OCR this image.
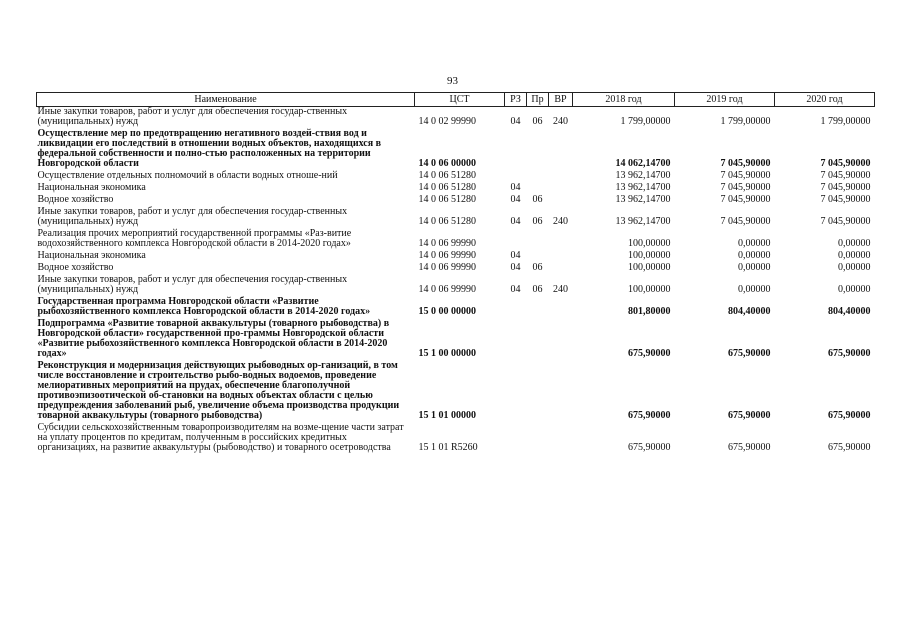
93
Наименование	ЦСТ	РЗ	Пр	ВР	2018 год	2019 год	2020 год
Иные закупки товаров, работ и услуг для обеспечения государ-ственных (муниципальных) нужд	14 0 02 99990	04	06	240	1 799,00000	1 799,00000	1 799,00000
Осуществление мер по предотвращению негативного воздей-ствия вод и ликвидации его последствий в отношении водных объектов, находящихся в федеральной собственности и полно-стью расположенных на территории Новгородской области	14 0 06 00000				14 062,14700	7 045,90000	7 045,90000
Осуществление отдельных полномочий в области водных отноше-ний	14 0 06 51280				13 962,14700	7 045,90000	7 045,90000
Национальная экономика	14 0 06 51280	04			13 962,14700	7 045,90000	7 045,90000
Водное хозяйство	14 0 06 51280	04	06		13 962,14700	7 045,90000	7 045,90000
Иные закупки товаров, работ и услуг для обеспечения государ-ственных (муниципальных) нужд	14 0 06 51280	04	06	240	13 962,14700	7 045,90000	7 045,90000
Реализация прочих мероприятий государственной программы «Раз-витие водохозяйственного комплекса Новгородской области в 2014-2020 годах»	14 0 06 99990				100,00000	0,00000	0,00000
Национальная экономика	14 0 06 99990	04			100,00000	0,00000	0,00000
Водное хозяйство	14 0 06 99990	04	06		100,00000	0,00000	0,00000
Иные закупки товаров, работ и услуг для обеспечения государ-ственных (муниципальных) нужд	14 0 06 99990	04	06	240	100,00000	0,00000	0,00000
Государственная программа Новгородской области «Развитие рыбохозяйственного комплекса Новгородской области в 2014-2020 годах»	15 0 00 00000				801,80000	804,40000	804,40000
Подпрограмма «Развитие товарной аквакультуры (товарного рыбоводства) в Новгородской области» государственной про-граммы Новгородской области «Развитие рыбохозяйственного комплекса Новгородской области в 2014-2020 годах»	15 1 00 00000				675,90000	675,90000	675,90000
Реконструкция и модернизация действующих рыбоводных ор-ганизаций, в том числе восстановление и строительство рыбо-водных водоемов, проведение мелиоративных мероприятий на прудах, обеспечение благополучной противоэпизоотической об-становки на водных объектах области с целью предупреждения заболеваний рыб, увеличение объема производства продукции товарной аквакультуры (товарного рыбоводства)	15 1 01 00000				675,90000	675,90000	675,90000
Субсидии сельскохозяйственным товаропроизводителям на возме-щение части затрат на уплату процентов по кредитам, полученным в российских кредитных организациях, на развитие аквакультуры (рыбоводство) и товарного осетроводства	15 1 01 R5260				675,90000	675,90000	675,90000
